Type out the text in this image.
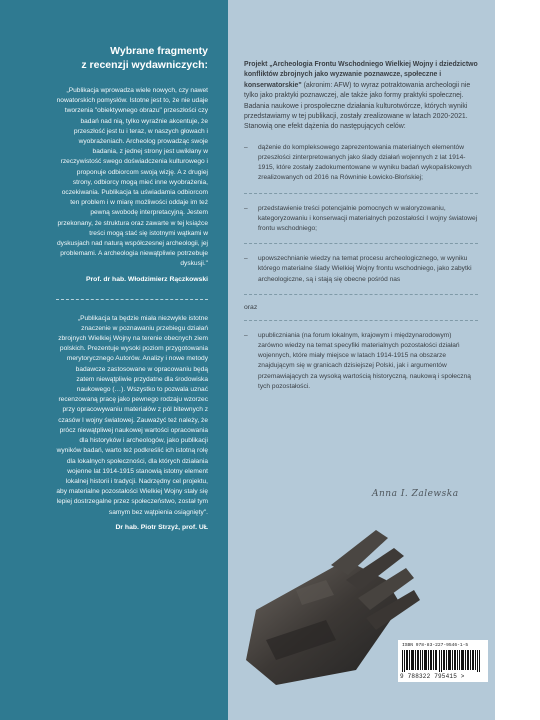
Wybrane fragmenty
z recenzji wydawniczych:

„Publikacja wprowadza wiele nowych, czy nawet nowatorskich pomysłów. Istotne jest to, że nie udaje tworzenia "obiektywnego obrazu" przeszłości czy badań nad nią, tylko wyraźnie akcentuje, że przeszłość jest tu i teraz, w naszych głowach i wyobrażeniach. Archeolog prowadząc swoje badania, z jednej strony jest uwikłany w rzeczywistość swego doświadczenia kulturowego i proponuje odbiorcom swoją wizję. A z drugiej strony, odbiorcy mogą mieć inne wyobrażenia, oczekiwania. Publikacja ta uświadamia odbiorcom ten problem i w miarę możliwości oddaje im też pewną swobodę interpretacyjną. Jestem przekonany, że struktura oraz zawarte w tej książce treści mogą stać się istotnymi wątkami w dyskusjach nad naturą współczesnej archeologii, jej problemami. A archeologia niewątpliwie potrzebuje dyskusji."

Prof. dr hab. Włodzimierz Rączkowski

„Publikacja ta będzie miała niezwykle istotne znaczenie w poznawaniu przebiegu działań zbrojnych Wielkiej Wojny na terenie obecnych ziem polskich. Prezentuje wysoki poziom przygotowania merytorycznego Autorów. Analizy i nowe metody badawcze zastosowane w opracowaniu będą zatem niewątpliwie przydatne dla środowiska naukowego (…). Wszystko to pozwala uznać recenzowaną pracę jako pewnego rodzaju wzorzec przy opracowywaniu materiałów z pól bitewnych z czasów I wojny światowej. Zauważyć też należy, że prócz niewątpliwej naukowej wartości opracowania dla historyków i archeologów, jako publikacji wyników badań, warto też podkreślić ich istotną rolę dla lokalnych społeczności, dla których działania wojenne lat 1914-1915 stanowią istotny element lokalnej historii i tradycji. Nadrzędny cel projektu, aby materialne pozostałości Wielkiej Wojny stały się lepiej dostrzegalne przez społeczeństwo, został tym samym bez wątpienia osiągnięty".

Dr hab. Piotr Strzyż, prof. UŁ

Projekt „Archeologia Frontu Wschodniego Wielkiej Wojny i dziedzictwo konfliktów zbrojnych jako wyzwanie poznawcze, społeczne i konserwatorskie" (akronim: AFW) to wyraz potraktowania archeologii nie tylko jako praktyki poznawczej, ale także jako formy praktyki społecznej. Badania naukowe i prospołeczne działania kulturotwórcze, których wyniki przedstawiamy w tej publikacji, zostały zrealizowane w latach 2020-2021. Stanowią one efekt dążenia do następujących celów:

– dążenie do kompleksowego zaprezentowania materialnych elementów przeszłości zinterpretowanych jako ślady działań wojennych z lat 1914-1915, które zostały zadokumentowane w wyniku badań wykopaliskowych zrealizowanych od 2016 na Równinie Łowicko-Błońskiej;

– przedstawienie treści potencjalnie pomocnych w waloryzowaniu, kategoryzowaniu i konserwacji materialnych pozostałości I wojny światowej frontu wschodniego;

– upowszechnianie wiedzy na temat procesu archeologicznego, w wyniku którego materialne ślady Wielkiej Wojny frontu wschodniego, jako zabytki archeologiczne, są i stają się obecne pośród nas

oraz

– upubliczniania (na forum lokalnym, krajowym i międzynarodowym) zarówno wiedzy na temat specyfiki materialnych pozostałości działań wojennych, które miały miejsce w latach 1914-1915 na obszarze znajdującym się w granicach dzisiejszej Polski, jak i argumentów przemawiających za wysoką wartością historyczną, naukową i społeczną tych pozostałości.

Anna I. Zalewska
ISBN 978-83-227-9546-1-5
9 788322 795415 >
